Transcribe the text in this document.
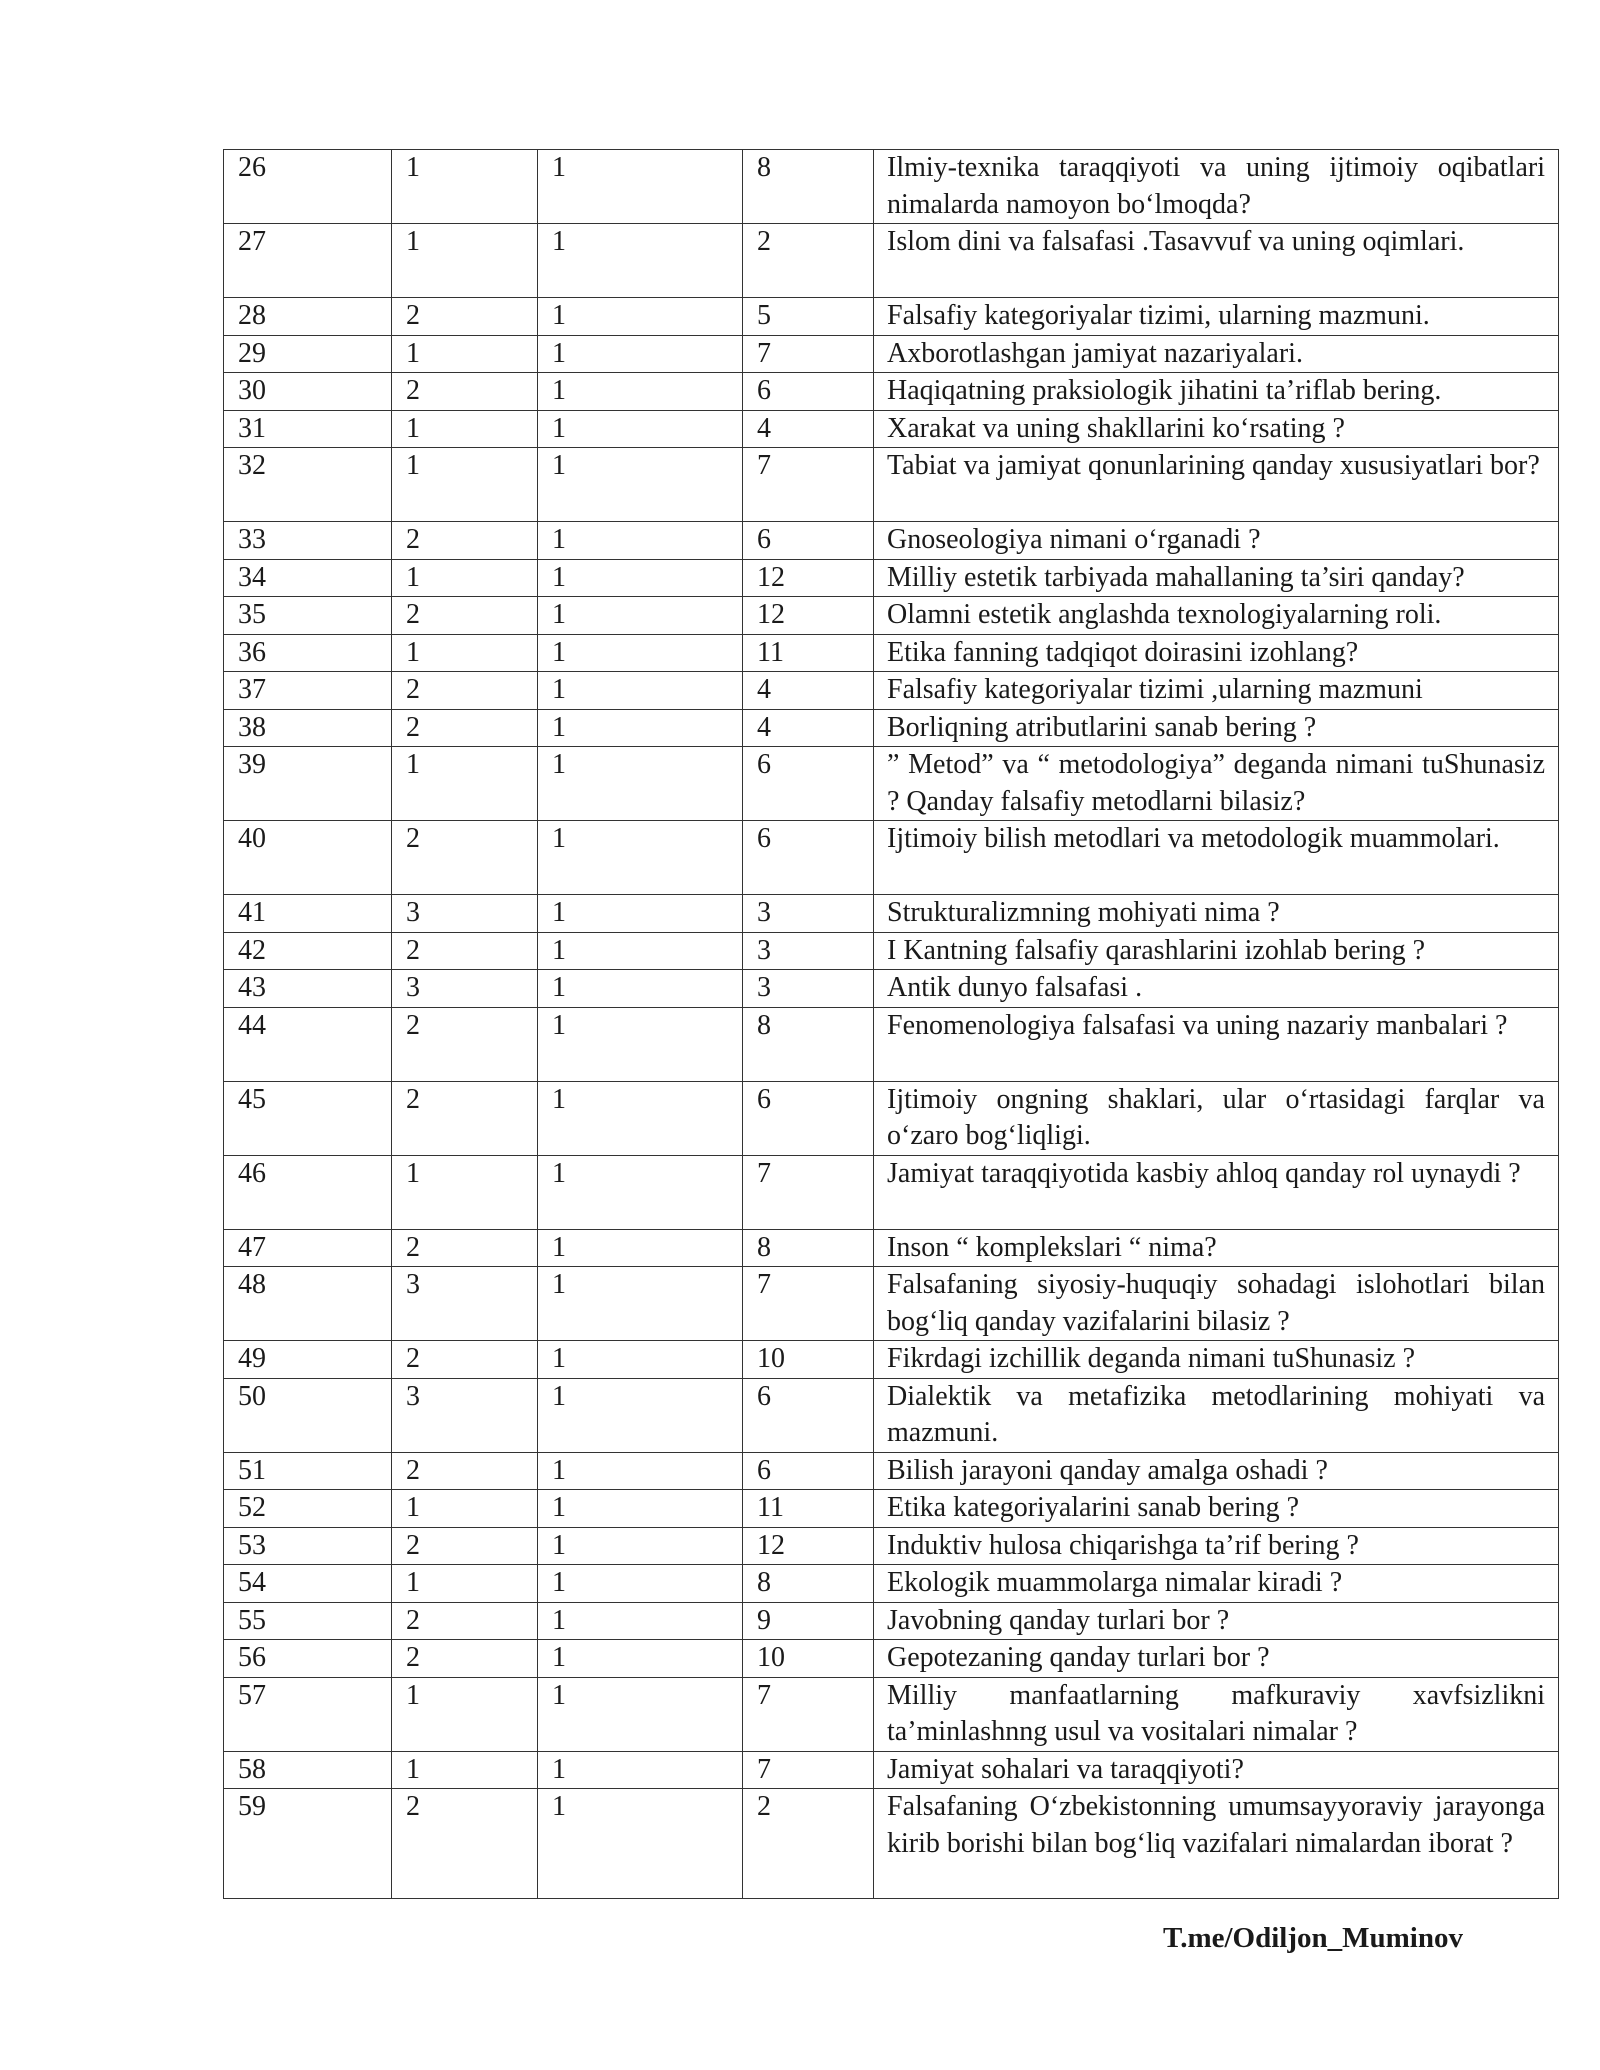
26	1	1	8	Ilmiy-texnika taraqqiyoti va uning ijtimoiy oqibatlari nimalarda namoyon bo‘lmoqda?
27	1	1	2	Islom dini va falsafasi .Tasavvuf va uning oqimlari.
28	2	1	5	Falsafiy kategoriyalar tizimi, ularning mazmuni.
29	1	1	7	Axborotlashgan jamiyat nazariyalari.
30	2	1	6	Haqiqatning praksiologik jihatini ta’riflab bering.
31	1	1	4	Xarakat va uning shakllarini ko‘rsating ?
32	1	1	7	Tabiat va jamiyat qonunlarining qanday xususiyatlari bor?
33	2	1	6	Gnoseologiya nimani o‘rganadi ?
34	1	1	12	Milliy estetik tarbiyada mahallaning ta’siri qanday?
35	2	1	12	Olamni estetik anglashda texnologiyalarning roli.
36	1	1	11	Etika fanning tadqiqot doirasini izohlang?
37	2	1	4	Falsafiy kategoriyalar tizimi ,ularning mazmuni
38	2	1	4	Borliqning atributlarini sanab bering ?
39	1	1	6	” Metod” va “ metodologiya” deganda nimani tuShunasiz ? Qanday falsafiy metodlarni bilasiz?
40	2	1	6	Ijtimoiy bilish metodlari va metodologik muammolari.
41	3	1	3	Strukturalizmning mohiyati nima ?
42	2	1	3	I Kantning falsafiy qarashlarini izohlab bering ?
43	3	1	3	Antik dunyo falsafasi .
44	2	1	8	Fenomenologiya falsafasi va uning nazariy manbalari ?
45	2	1	6	Ijtimoiy ongning shaklari, ular o‘rtasidagi farqlar va o‘zaro bog‘liqligi.
46	1	1	7	Jamiyat taraqqiyotida kasbiy ahloq qanday rol uynaydi ?
47	2	1	8	Inson “ komplekslari “ nima?
48	3	1	7	Falsafaning siyosiy-huquqiy sohadagi islohotlari bilan bog‘liq qanday vazifalarini bilasiz ?
49	2	1	10	Fikrdagi izchillik deganda nimani tuShunasiz ?
50	3	1	6	Dialektik va metafizika metodlarining mohiyati va mazmuni.
51	2	1	6	Bilish jarayoni qanday amalga oshadi ?
52	1	1	11	Etika kategoriyalarini sanab bering ?
53	2	1	12	Induktiv hulosa chiqarishga ta’rif bering ?
54	1	1	8	Ekologik muammolarga nimalar kiradi ?
55	2	1	9	Javobning qanday turlari bor ?
56	2	1	10	Gepotezaning qanday turlari bor ?
57	1	1	7	Milliy manfaatlarning mafkuraviy xavfsizlikni ta’minlashnng usul va vositalari nimalar ?
58	1	1	7	Jamiyat sohalari va taraqqiyoti?
59	2	1	2	Falsafaning O‘zbekistonning umumsayyoraviy jarayonga kirib borishi bilan bog‘liq vazifalari nimalardan iborat ?
T.me/Odiljon_Muminov
